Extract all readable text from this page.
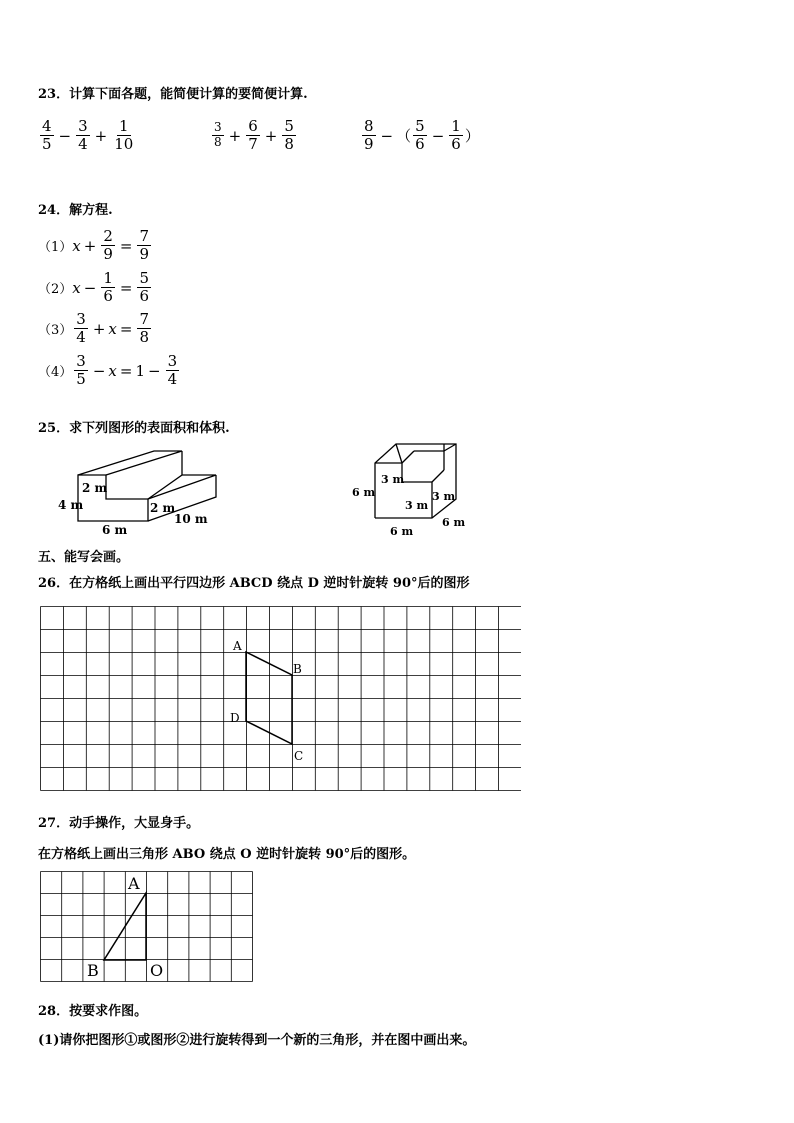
23．计算下面各题，能简便计算的要简便计算.
$\frac{4}{5} - \frac{3}{4} + \frac{1}{10}$	$\frac{3}{8} + \frac{6}{7} + \frac{5}{8}$	$\frac{8}{9}$ − （ $\frac{5}{6} - \frac{1}{6}$ ）
24．解方程.
（1） $x + \frac{2}{9} = \frac{7}{9}$
（2） $x - \frac{1}{6} = \frac{5}{6}$
$(3) \frac{3}{4} + x = \frac{7}{8}$
$(4) \frac{3}{5} - x = 1 - \frac{3}{4}$
25．求下列图形的表面积和体积.
4 m
2 m
2 m
6 m
10 m
6 m
3 m
3 m
3 m
6 m
6 m
五、能写会画。
26．在方格纸上画出平行四边形 ABCD 绕点 D 逆时针旋转 90°后的图形
A
B
C
D
27．动手操作，大显身手。
在方格纸上画出三角形 ABO 绕点 O 逆时针旋转 90°后的图形。
A
B	O
28．按要求作图。
(1)请你把图形①或图形②进行旋转得到一个新的三角形，并在图中画出来。
